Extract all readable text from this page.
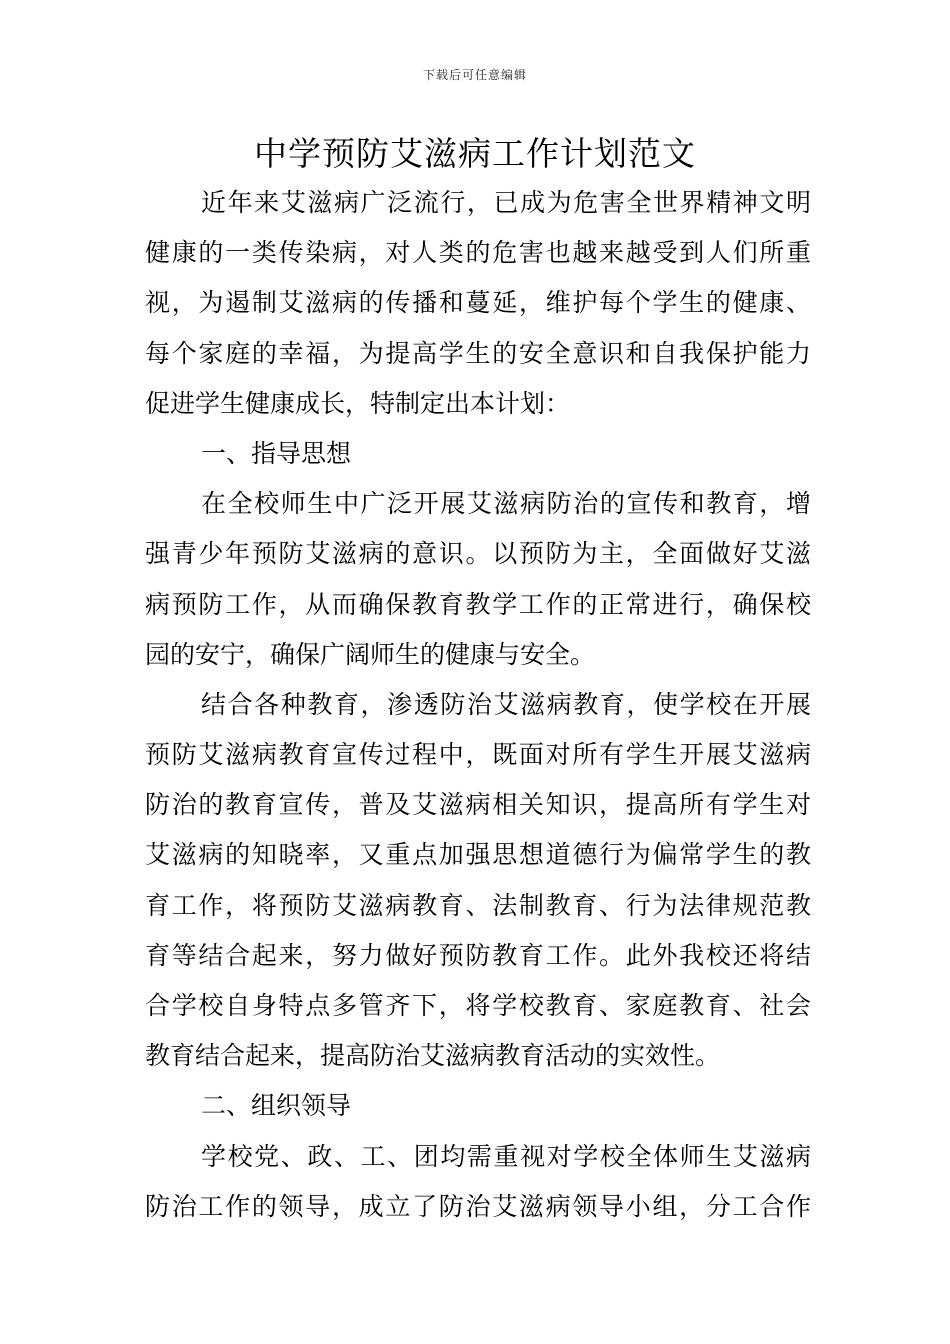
下载后可任意编辑
中学预防艾滋病工作计划范文
近年来艾滋病广泛流行，已成为危害全世界精神文明
健康的一类传染病，对人类的危害也越来越受到人们所重
视，为遏制艾滋病的传播和蔓延，维护每个学生的健康、
每个家庭的幸福，为提高学生的安全意识和自我保护能力
促进学生健康成长，特制定出本计划：
一、指导思想
在全校师生中广泛开展艾滋病防治的宣传和教育，增
强青少年预防艾滋病的意识。以预防为主，全面做好艾滋
病预防工作，从而确保教育教学工作的正常进行，确保校
园的安宁，确保广阔师生的健康与安全。
结合各种教育，渗透防治艾滋病教育，使学校在开展
预防艾滋病教育宣传过程中，既面对所有学生开展艾滋病
防治的教育宣传，普及艾滋病相关知识，提高所有学生对
艾滋病的知晓率，又重点加强思想道德行为偏常学生的教
育工作，将预防艾滋病教育、法制教育、行为法律规范教
育等结合起来，努力做好预防教育工作。此外我校还将结
合学校自身特点多管齐下，将学校教育、家庭教育、社会
教育结合起来，提高防治艾滋病教育活动的实效性。
二、组织领导
学校党、政、工、团均需重视对学校全体师生艾滋病
防治工作的领导，成立了防治艾滋病领导小组，分工合作
